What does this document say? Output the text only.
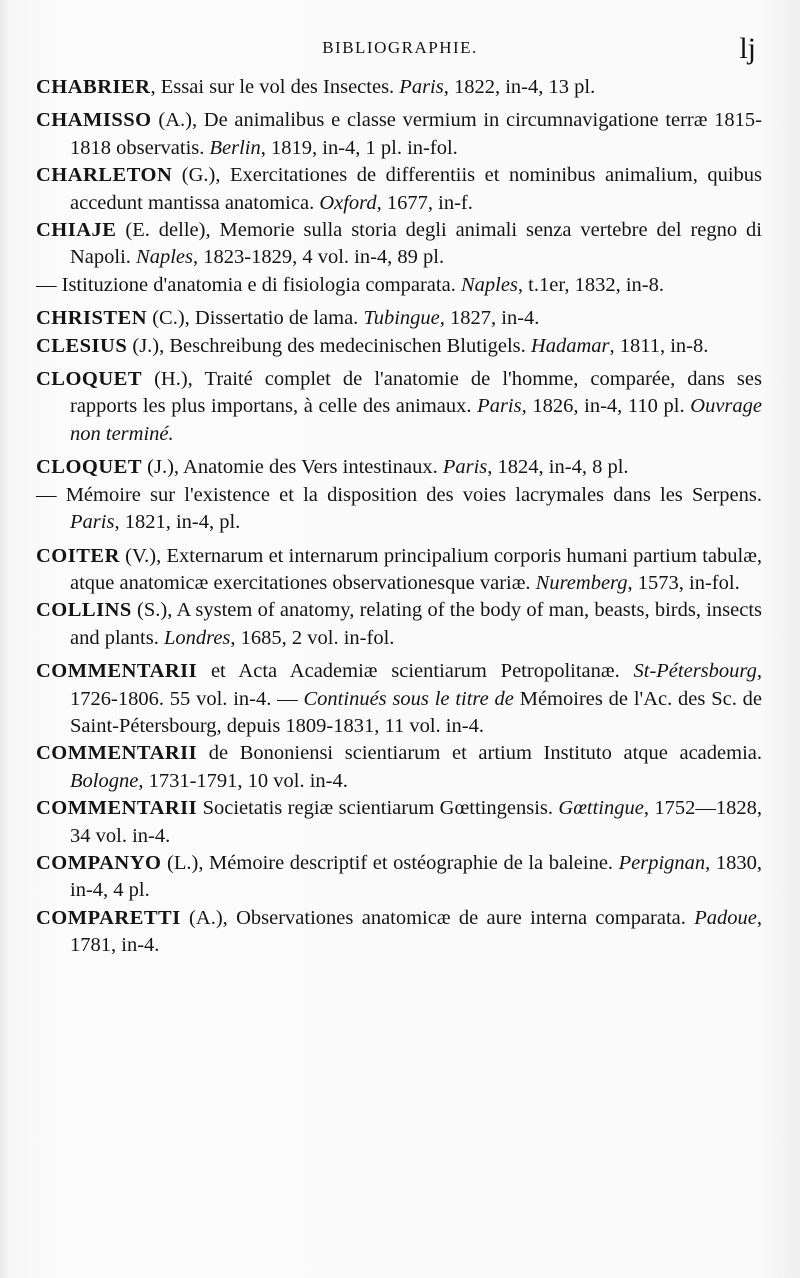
BIBLIOGRAPHIE.	lj

CHABRIER, Essai sur le vol des Insectes. Paris, 1822, in-4, 13 pl.

CHAMISSO (A.), De animalibus e classe vermium in circumnavigatione terræ 1815-1818 observatis. Berlin, 1819, in-4, 1 pl. in-fol.

CHARLETON (G.), Exercitationes de differentiis et nominibus animalium, quibus accedunt mantissa anatomica. Oxford, 1677, in-f.

CHIAJE (E. delle), Memorie sulla storia degli animali senza vertebre del regno di Napoli. Naples, 1823-1829, 4 vol. in-4, 89 pl.

— Istituzione d'anatomia e di fisiologia comparata. Naples, t.1er, 1832, in-8.

CHRISTEN (C.), Dissertatio de lama. Tubingue, 1827, in-4.

CLESIUS (J.), Beschreibung des medecinischen Blutigels. Hadamar, 1811, in-8.

CLOQUET (H.), Traité complet de l'anatomie de l'homme, comparée, dans ses rapports les plus importans, à celle des animaux. Paris, 1826, in-4, 110 pl. Ouvrage non terminé.

CLOQUET (J.), Anatomie des Vers intestinaux. Paris, 1824, in-4, 8 pl.

— Mémoire sur l'existence et la disposition des voies lacrymales dans les Serpens. Paris, 1821, in-4, pl.

COITER (V.), Externarum et internarum principalium corporis humani partium tabulæ, atque anatomicæ exercitationes observationesque variæ. Nuremberg, 1573, in-fol.

COLLINS (S.), A system of anatomy, relating of the body of man, beasts, birds, insects and plants. Londres, 1685, 2 vol. in-fol.

COMMENTARII et Acta Academiæ scientiarum Petropolitanæ. St-Pétersbourg, 1726-1806. 55 vol. in-4. — Continués sous le titre de Mémoires de l'Ac. des Sc. de Saint-Pétersbourg, depuis 1809-1831, 11 vol. in-4.

COMMENTARII de Bononiensi scientiarum et artium Instituto atque academia. Bologne, 1731-1791, 10 vol. in-4.

COMMENTARII Societatis regiæ scientiarum Gœttingensis. Gœttingue, 1752—1828, 34 vol. in-4.

COMPANYO (L.), Mémoire descriptif et ostéographie de la baleine. Perpignan, 1830, in-4, 4 pl.

COMPARETTI (A.), Observationes anatomicæ de aure interna comparata. Padoue, 1781, in-4.
